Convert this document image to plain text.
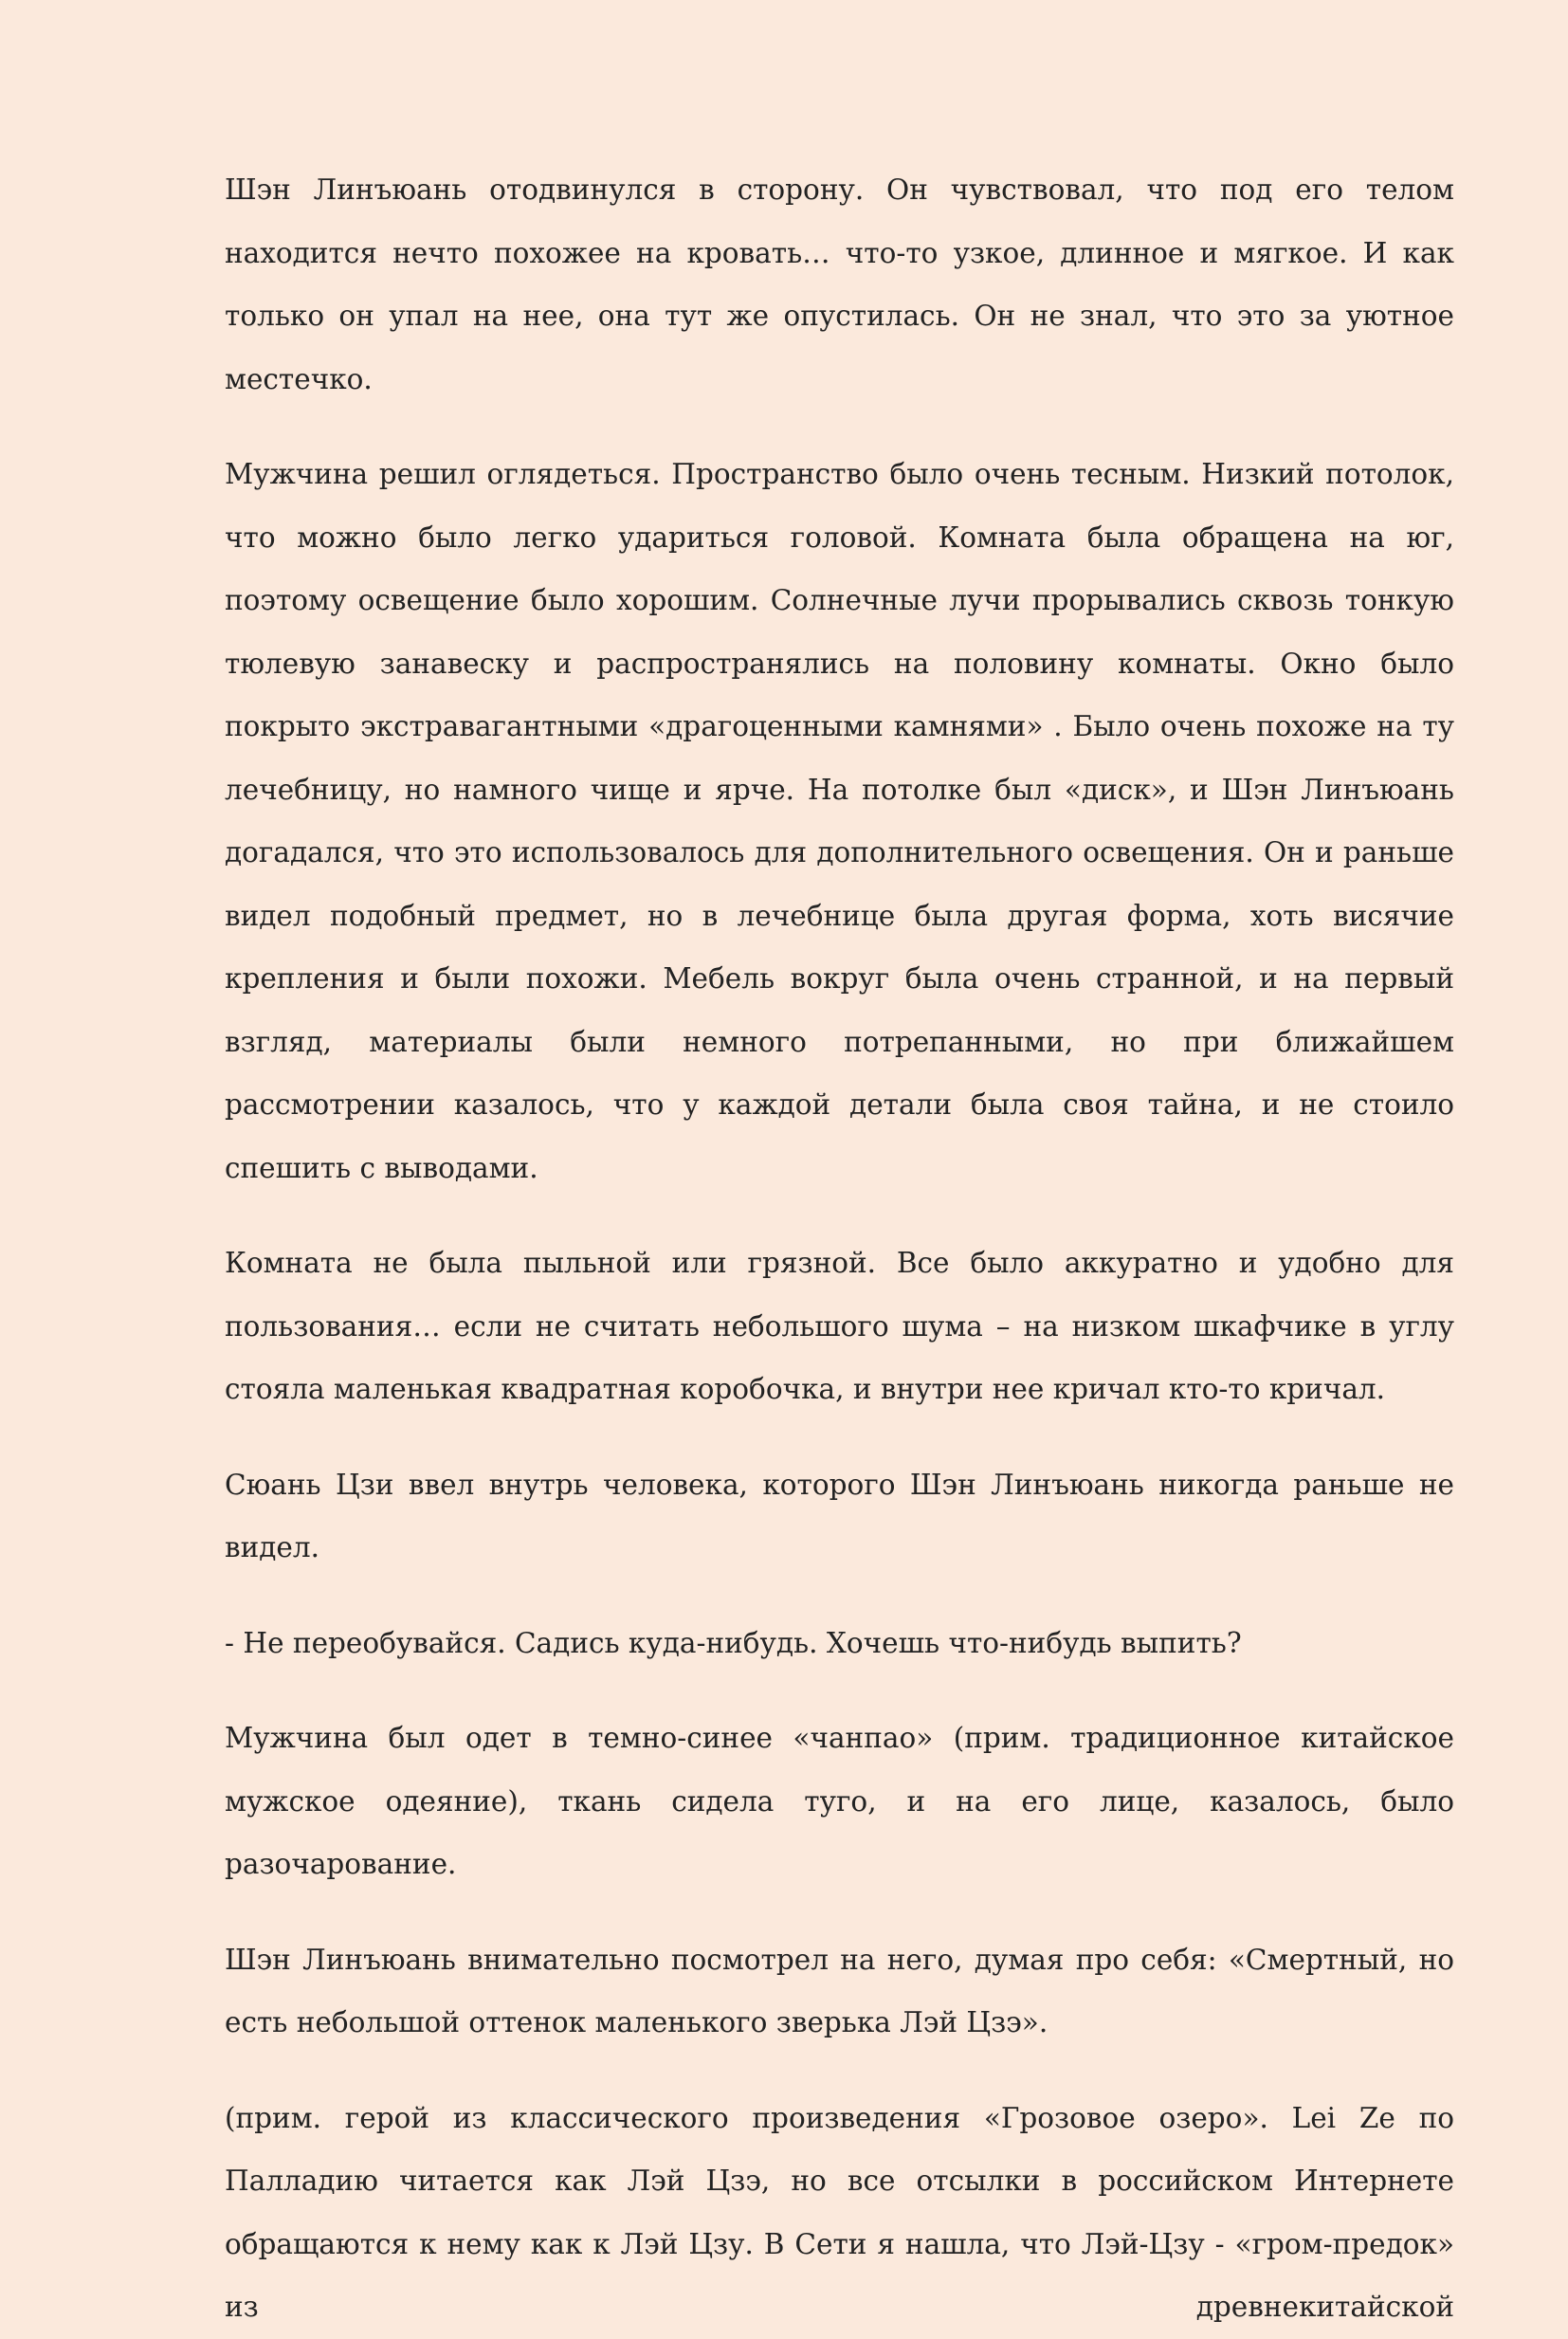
Шэн Линъюань отодвинулся в сторону. Он чувствовал, что под его телом находится нечто похожее на кровать… что-то узкое, длинное и мягкое. И как только он упал на нее, она тут же опустилась. Он не знал, что это за уютное местечко.

Мужчина решил оглядеться. Пространство было очень тесным. Низкий потолок, что можно было легко удариться головой. Комната была обращена на юг, поэтому освещение было хорошим. Солнечные лучи прорывались сквозь тонкую тюлевую занавеску и распространялись на половину комнаты. Окно было покрыто экстравагантными «драгоценными камнями» . Было очень похоже на ту лечебницу, но намного чище и ярче. На потолке был «диск», и Шэн Линъюань догадался, что это использовалось для дополнительного освещения. Он и раньше видел подобный предмет, но в лечебнице была другая форма, хоть висячие крепления и были похожи. Мебель вокруг была очень странной, и на первый взгляд, материалы были немного потрепанными, но при ближайшем рассмотрении казалось, что у каждой детали была своя тайна, и не стоило спешить с выводами.

Комната не была пыльной или грязной. Все было аккуратно и удобно для пользования… если не считать небольшого шума – на низком шкафчике в углу стояла маленькая квадратная коробочка, и внутри нее кричал кто-то кричал.

Сюань Цзи ввел внутрь человека, которого Шэн Линъюань никогда раньше не видел.

- Не переобувайся. Садись куда-нибудь. Хочешь что-нибудь выпить?

Мужчина был одет в темно-синее «чанпао» (прим. традиционное китайское мужское одеяние), ткань сидела туго, и на его лице, казалось, было разочарование.

Шэн Линъюань внимательно посмотрел на него, думая про себя: «Смертный, но есть небольшой оттенок маленького зверька Лэй Цзэ».

(прим. герой из классического произведения «Грозовое озеро». Lei Ze по Палладию читается как Лэй Цзэ, но все отсылки в российском Интернете обращаются к нему как к Лэй Цзу. В Сети я нашла, что Лэй-Цзу - «гром-предок» из древнекитайской
